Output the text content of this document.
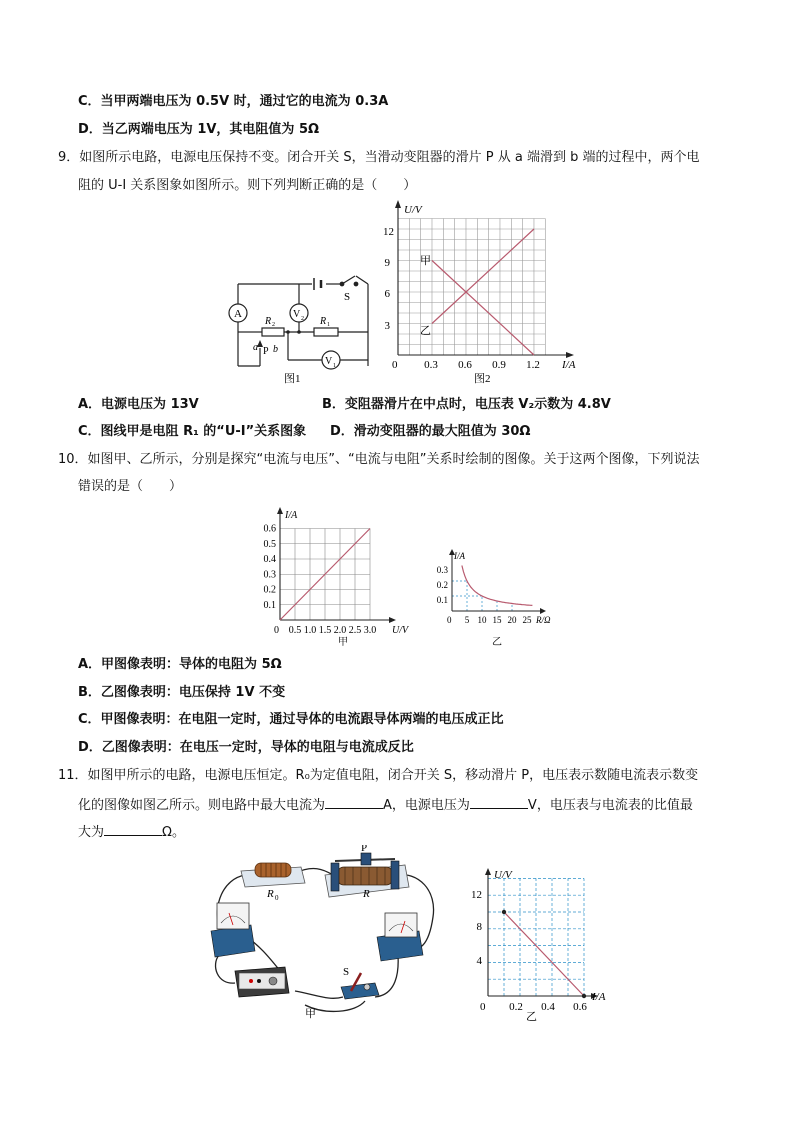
C．当甲两端电压为 0.5V 时，通过它的电流为 0.3A
D．当乙两端电压为 1V，其电阻值为 5Ω
9．如图所示电路，电源电压保持不变。闭合开关 S，当滑动变阻器的滑片 P 从 a 端滑到 b 端的过程中，两个电
阻的 U-I 关系图象如图所示。则下列判断正确的是（　　）
A	V 2
V 1
R 2	R 1
S
a P b
图1
U/V
I/A
0
3
6
9
12
0.3 0.6 0.9 1.2
甲
乙
图2
A．电源电压为 13V	B．变阻器滑片在中点时，电压表 V₂示数为 4.8V
C．图线甲是电阻 R₁ 的“U-I”关系图象 D．滑动变阻器的最大阻值为 30Ω
10．如图甲、乙所示，分别是探究“电流与电压”、“电流与电阻”关系时绘制的图像。关于这两个图像，下列说法
错误的是（　　）
I/A
U/V
0
甲
0.1
0.2
0.3
0.4
0.5
0.6
0.5 1.0 1.5 2.0 2.5 3.0
I/A
R/Ω
0
0.1
0.2
0.3
5 10 15 20 25
乙
A．甲图像表明：导体的电阻为 5Ω
B．乙图像表明：电压保持 1V 不变
C．甲图像表明：在电阻一定时，通过导体的电流跟导体两端的电压成正比
D．乙图像表明：在电压一定时，导体的电阻与电流成反比
11．如图甲所示的电路，电源电压恒定。R₀为定值电阻，闭合开关 S，移动滑片 P，电压表示数随电流表示数变
化的图像如图乙所示。则电路中最大电流为	A，电源电压为	V，电压表与电流表的比值最
大为	Ω。
P
R
R 0
S
甲
U/V
I/A
0
4
8
12
0.2 0.4 0.6
乙
